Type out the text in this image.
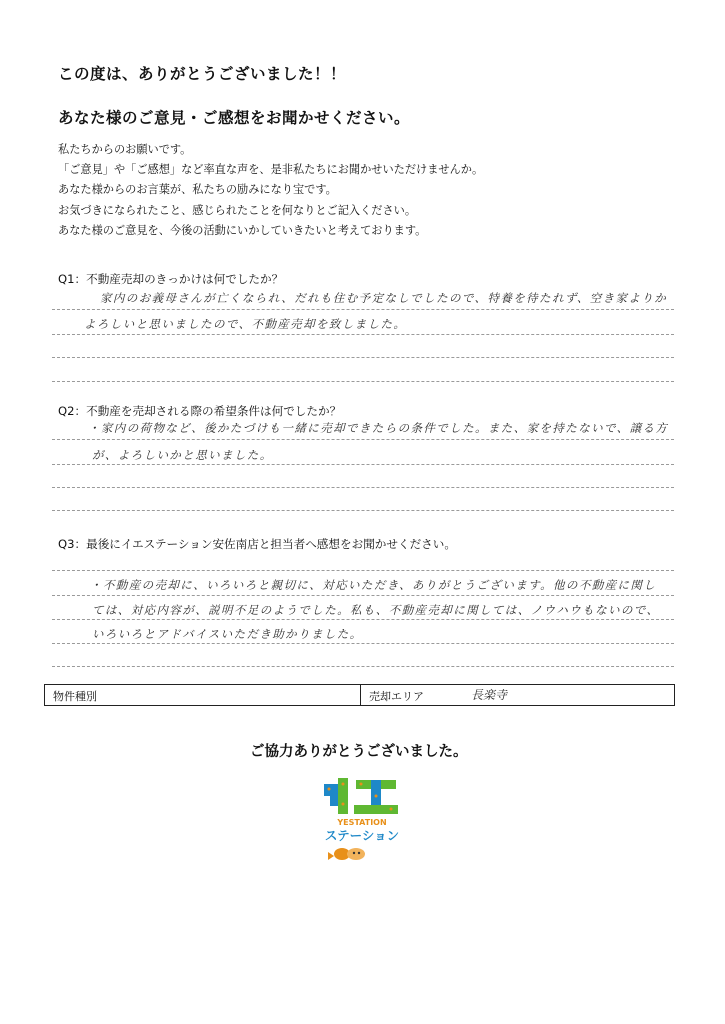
この度は、ありがとうございました！！
あなた様のご意見・ご感想をお聞かせください。
私たちからのお願いです。
「ご意見」や「ご感想」など率直な声を、是非私たちにお聞かせいただけませんか。
あなた様からのお言葉が、私たちの励みになり宝です。
お気づきになられたこと、感じられたことを何なりとご記入ください。
あなた様のご意見を、今後の活動にいかしていきたいと考えております。
Q1：不動産売却のきっかけは何でしたか？
家内のお義母さんが亡くなられ、だれも住む予定なしでしたので、特養を待たれず、空き家よりか
よろしいと思いましたので、不動産売却を致しました。
Q2：不動産を売却される際の希望条件は何でしたか？
・家内の荷物など、後かたづけも一緒に売却できたらの条件でした。また、家を持たないで、譲る方
が、よろしいかと思いました。
Q3：最後にイエステーション安佐南店と担当者へ感想をお聞かせください。
・不動産の売却に、いろいろと親切に、対応いただき、ありがとうございます。他の不動産に関し
ては、対応内容が、説明不足のようでした。私も、不動産売却に関しては、ノウハウもないので、
いろいろとアドバイスいただき助かりました。
物件種別	売却エリア	長楽寺
ご協力ありがとうございました。
YESTATION
ステーション
